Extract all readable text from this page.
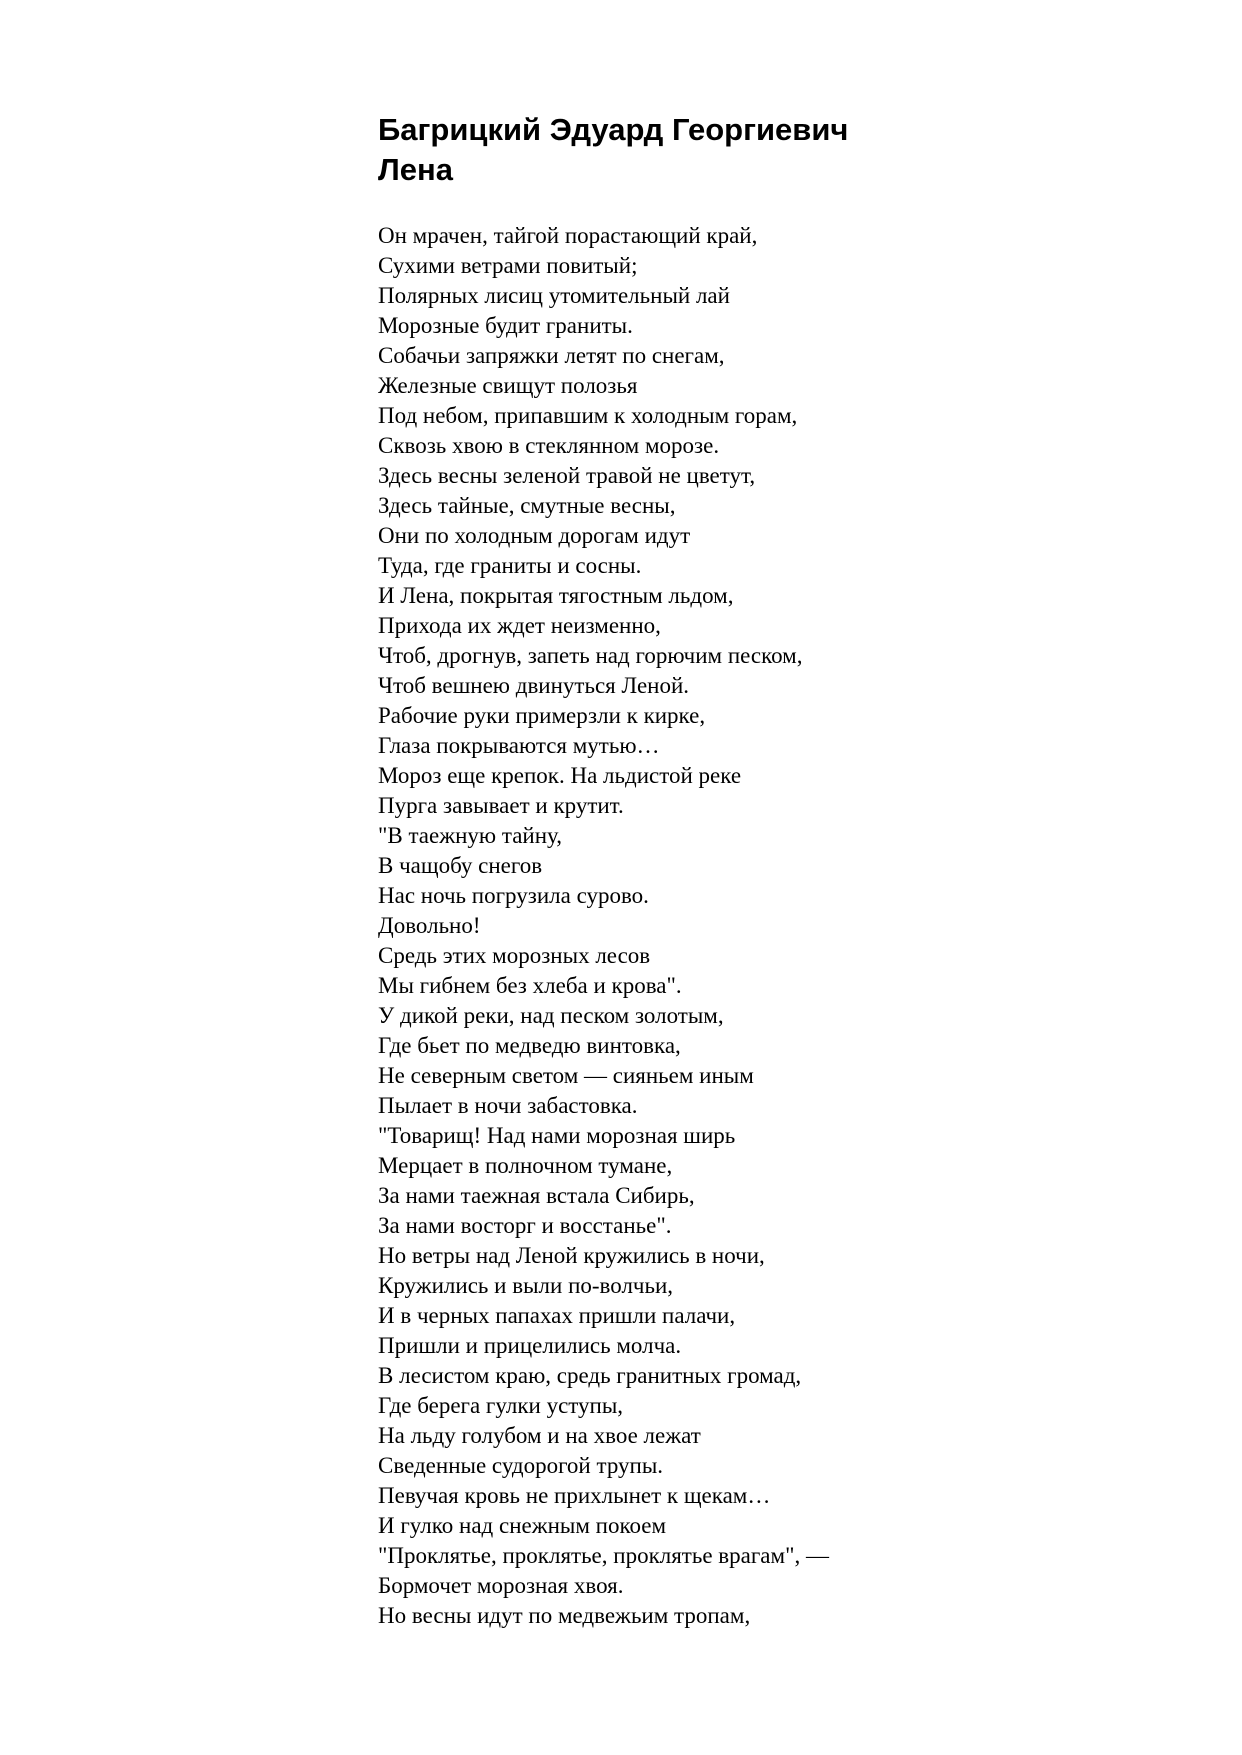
Багрицкий Эдуард Георгиевич
Лена
Он мрачен, тайгой порастающий край,
Сухими ветрами повитый;
Полярных лисиц утомительный лай
Морозные будит граниты.
Собачьи запряжки летят по снегам,
Железные свищут полозья
Под небом, припавшим к холодным горам,
Сквозь хвою в стеклянном морозе.
Здесь весны зеленой травой не цветут,
Здесь тайные, смутные весны,
Они по холодным дорогам идут
Туда, где граниты и сосны.
И Лена, покрытая тягостным льдом,
Прихода их ждет неизменно,
Чтоб, дрогнув, запеть над горючим песком,
Чтоб вешнею двинуться Леной.
Рабочие руки примерзли к кирке,
Глаза покрываются мутью…
Мороз еще крепок. На льдистой реке
Пурга завывает и крутит.
"В таежную тайну,
В чащобу снегов
Нас ночь погрузила сурово.
Довольно!
Средь этих морозных лесов
Мы гибнем без хлеба и крова".
У дикой реки, над песком золотым,
Где бьет по медведю винтовка,
Не северным светом — сияньем иным
Пылает в ночи забастовка.
"Товарищ! Над нами морозная ширь
Мерцает в полночном тумане,
За нами таежная встала Сибирь,
За нами восторг и восстанье".
Но ветры над Леной кружились в ночи,
Кружились и выли по-волчьи,
И в черных папахах пришли палачи,
Пришли и прицелились молча.
В лесистом краю, средь гранитных громад,
Где берега гулки уступы,
На льду голубом и на хвое лежат
Сведенные судорогой трупы.
Певучая кровь не прихлынет к щекам…
И гулко над снежным покоем
"Проклятье, проклятье, проклятье врагам", —
Бормочет морозная хвоя.
Но весны идут по медвежьим тропам,
